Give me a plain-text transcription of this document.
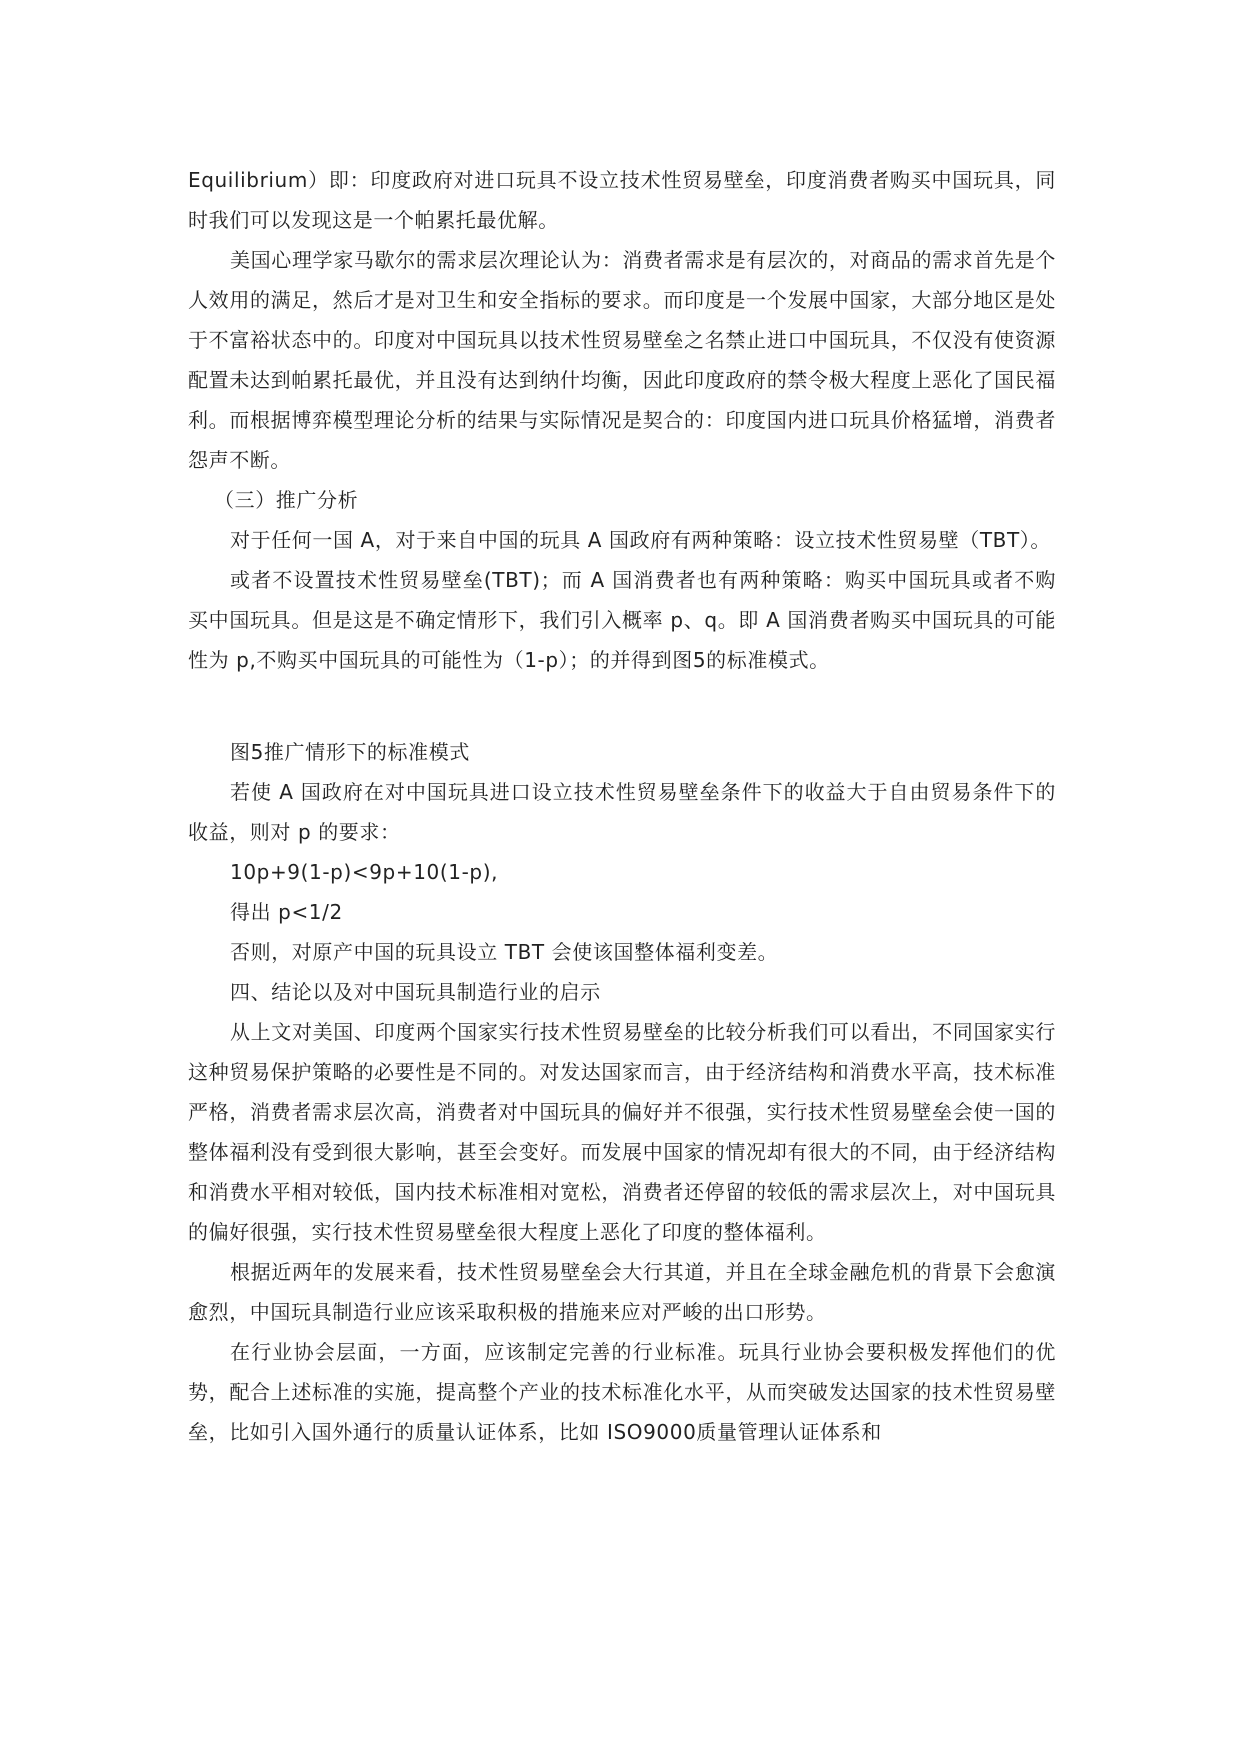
Equilibrium）即：印度政府对进口玩具不设立技术性贸易壁垒，印度消费者购买中国玩具，同时我们可以发现这是一个帕累托最优解。

美国心理学家马歇尔的需求层次理论认为：消费者需求是有层次的，对商品的需求首先是个人效用的满足，然后才是对卫生和安全指标的要求。而印度是一个发展中国家，大部分地区是处于不富裕状态中的。印度对中国玩具以技术性贸易壁垒之名禁止进口中国玩具，不仅没有使资源配置未达到帕累托最优，并且没有达到纳什均衡，因此印度政府的禁令极大程度上恶化了国民福利。而根据博弈模型理论分析的结果与实际情况是契合的：印度国内进口玩具价格猛增，消费者怨声不断。

（三）推广分析

对于任何一国 A，对于来自中国的玩具 A 国政府有两种策略：设立技术性贸易壁（TBT）。

或者不设置技术性贸易壁垒(TBT)；而 A 国消费者也有两种策略：购买中国玩具或者不购买中国玩具。但是这是不确定情形下，我们引入概率 p、q。即 A 国消费者购买中国玩具的可能性为 p,不购买中国玩具的可能性为（1-p）；的并得到图5的标准模式。

图5推广情形下的标准模式

若使 A 国政府在对中国玩具进口设立技术性贸易壁垒条件下的收益大于自由贸易条件下的收益，则对 p 的要求：

10p+9(1-p)<9p+10(1-p),

得出 p<1/2

否则，对原产中国的玩具设立 TBT 会使该国整体福利变差。

四、结论以及对中国玩具制造行业的启示

从上文对美国、印度两个国家实行技术性贸易壁垒的比较分析我们可以看出，不同国家实行这种贸易保护策略的必要性是不同的。对发达国家而言，由于经济结构和消费水平高，技术标准严格，消费者需求层次高，消费者对中国玩具的偏好并不很强，实行技术性贸易壁垒会使一国的整体福利没有受到很大影响，甚至会变好。而发展中国家的情况却有很大的不同，由于经济结构和消费水平相对较低，国内技术标准相对宽松，消费者还停留的较低的需求层次上，对中国玩具的偏好很强，实行技术性贸易壁垒很大程度上恶化了印度的整体福利。

根据近两年的发展来看，技术性贸易壁垒会大行其道，并且在全球金融危机的背景下会愈演愈烈，中国玩具制造行业应该采取积极的措施来应对严峻的出口形势。

在行业协会层面，一方面，应该制定完善的行业标准。玩具行业协会要积极发挥他们的优势，配合上述标准的实施，提高整个产业的技术标准化水平，从而突破发达国家的技术性贸易壁垒，比如引入国外通行的质量认证体系，比如 ISO9000质量管理认证体系和
